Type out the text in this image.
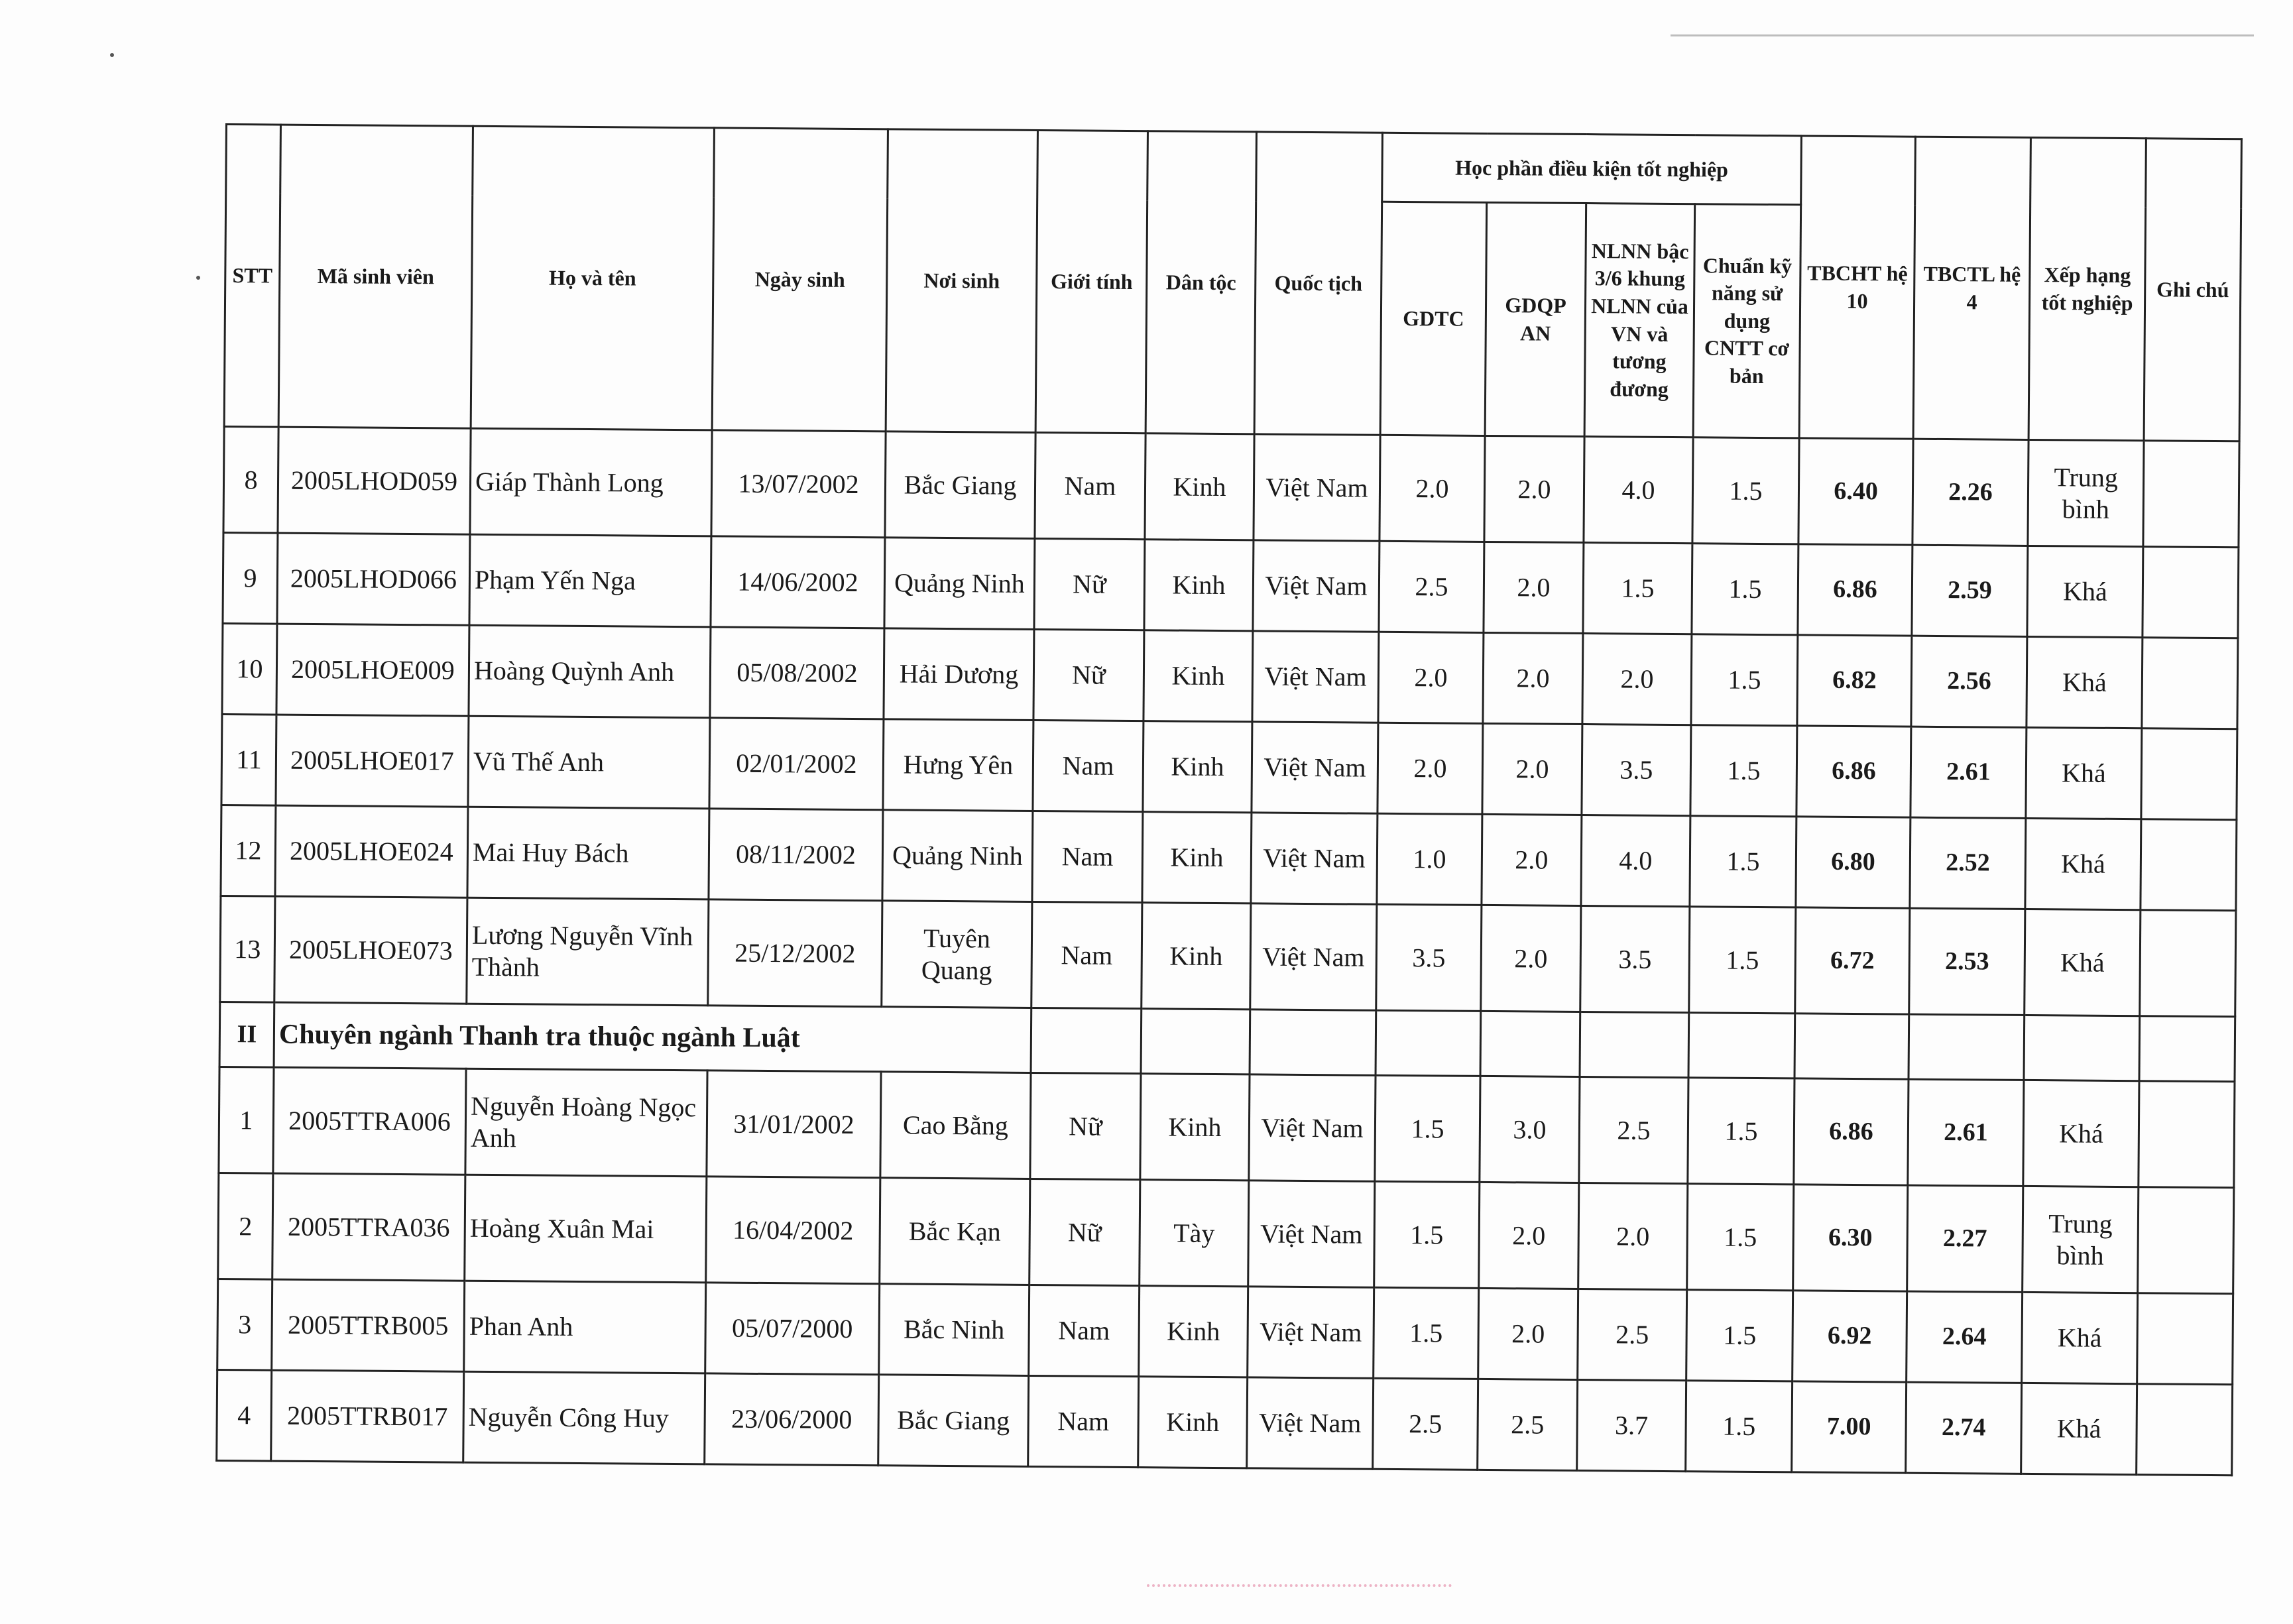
STT	Mã sinh viên	Họ và tên	Ngày sinh	Nơi sinh	Giới tính	Dân tộc	Quốc tịch	Học phần điều kiện tốt nghiệp				TBCHT hệ 10	TBCTL hệ 4	Xếp hạng tốt nghiệp	Ghi chú
								GDTC	GDQP AN	NLNN bậc 3/6 khung NLNN của VN và tương đương	Chuẩn kỹ năng sử dụng CNTT cơ bản				
8	2005LHOD059	Giáp Thành Long	13/07/2002	Bắc Giang	Nam	Kinh	Việt Nam	2.0	2.0	4.0	1.5	6.40	2.26	Trung bình	
9	2005LHOD066	Phạm Yến Nga	14/06/2002	Quảng Ninh	Nữ	Kinh	Việt Nam	2.5	2.0	1.5	1.5	6.86	2.59	Khá	
10	2005LHOE009	Hoàng Quỳnh Anh	05/08/2002	Hải Dương	Nữ	Kinh	Việt Nam	2.0	2.0	2.0	1.5	6.82	2.56	Khá	
11	2005LHOE017	Vũ Thế Anh	02/01/2002	Hưng Yên	Nam	Kinh	Việt Nam	2.0	2.0	3.5	1.5	6.86	2.61	Khá	
12	2005LHOE024	Mai Huy Bách	08/11/2002	Quảng Ninh	Nam	Kinh	Việt Nam	1.0	2.0	4.0	1.5	6.80	2.52	Khá	
13	2005LHOE073	Lương Nguyễn Vĩnh Thành	25/12/2002	Tuyên Quang	Nam	Kinh	Việt Nam	3.5	2.0	3.5	1.5	6.72	2.53	Khá	
II	Chuyên ngành Thanh tra thuộc ngành Luật														
1	2005TTRA006	Nguyễn Hoàng Ngọc Anh	31/01/2002	Cao Bằng	Nữ	Kinh	Việt Nam	1.5	3.0	2.5	1.5	6.86	2.61	Khá	
2	2005TTRA036	Hoàng Xuân Mai	16/04/2002	Bắc Kạn	Nữ	Tày	Việt Nam	1.5	2.0	2.0	1.5	6.30	2.27	Trung bình	
3	2005TTRB005	Phan Anh	05/07/2000	Bắc Ninh	Nam	Kinh	Việt Nam	1.5	2.0	2.5	1.5	6.92	2.64	Khá	
4	2005TTRB017	Nguyễn Công Huy	23/06/2000	Bắc Giang	Nam	Kinh	Việt Nam	2.5	2.5	3.7	1.5	7.00	2.74	Khá	
